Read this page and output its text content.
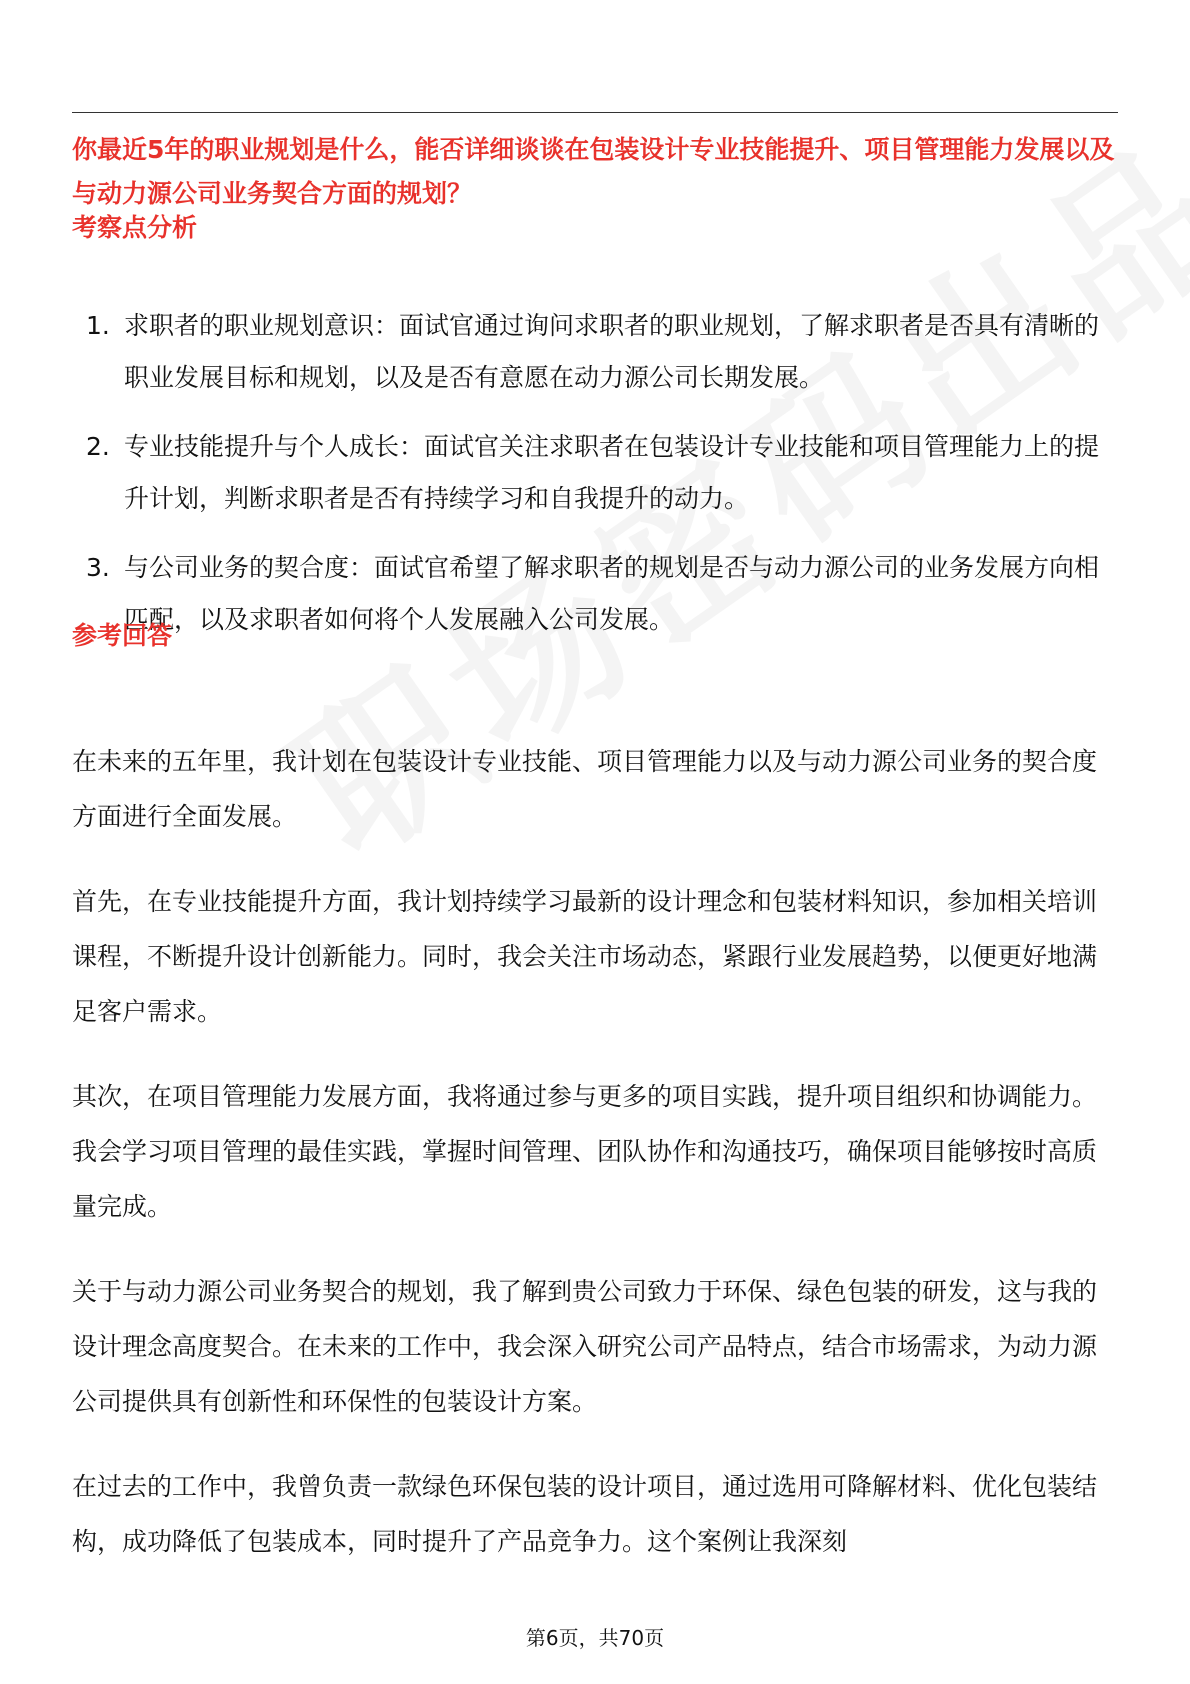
你最近5年的职业规划是什么，能否详细谈谈在包装设计专业技能提升、项目管理能力发展以及与动力源公司业务契合方面的规划？
考察点分析
1. 求职者的职业规划意识：面试官通过询问求职者的职业规划，了解求职者是否具有清晰的职业发展目标和规划，以及是否有意愿在动力源公司长期发展。
2. 专业技能提升与个人成长：面试官关注求职者在包装设计专业技能和项目管理能力上的提升计划，判断求职者是否有持续学习和自我提升的动力。
3. 与公司业务的契合度：面试官希望了解求职者的规划是否与动力源公司的业务发展方向相匹配，以及求职者如何将个人发展融入公司发展。
参考回答

在未来的五年里，我计划在包装设计专业技能、项目管理能力以及与动力源公司业务的契合度方面进行全面发展。

首先，在专业技能提升方面，我计划持续学习最新的设计理念和包装材料知识，参加相关培训课程，不断提升设计创新能力。同时，我会关注市场动态，紧跟行业发展趋势，以便更好地满足客户需求。

其次，在项目管理能力发展方面，我将通过参与更多的项目实践，提升项目组织和协调能力。我会学习项目管理的最佳实践，掌握时间管理、团队协作和沟通技巧，确保项目能够按时高质量完成。

关于与动力源公司业务契合的规划，我了解到贵公司致力于环保、绿色包装的研发，这与我的设计理念高度契合。在未来的工作中，我会深入研究公司产品特点，结合市场需求，为动力源公司提供具有创新性和环保性的包装设计方案。

在过去的工作中，我曾负责一款绿色环保包装的设计项目，通过选用可降解材料、优化包装结构，成功降低了包装成本，同时提升了产品竞争力。这个案例让我深刻

第6页，共70页
